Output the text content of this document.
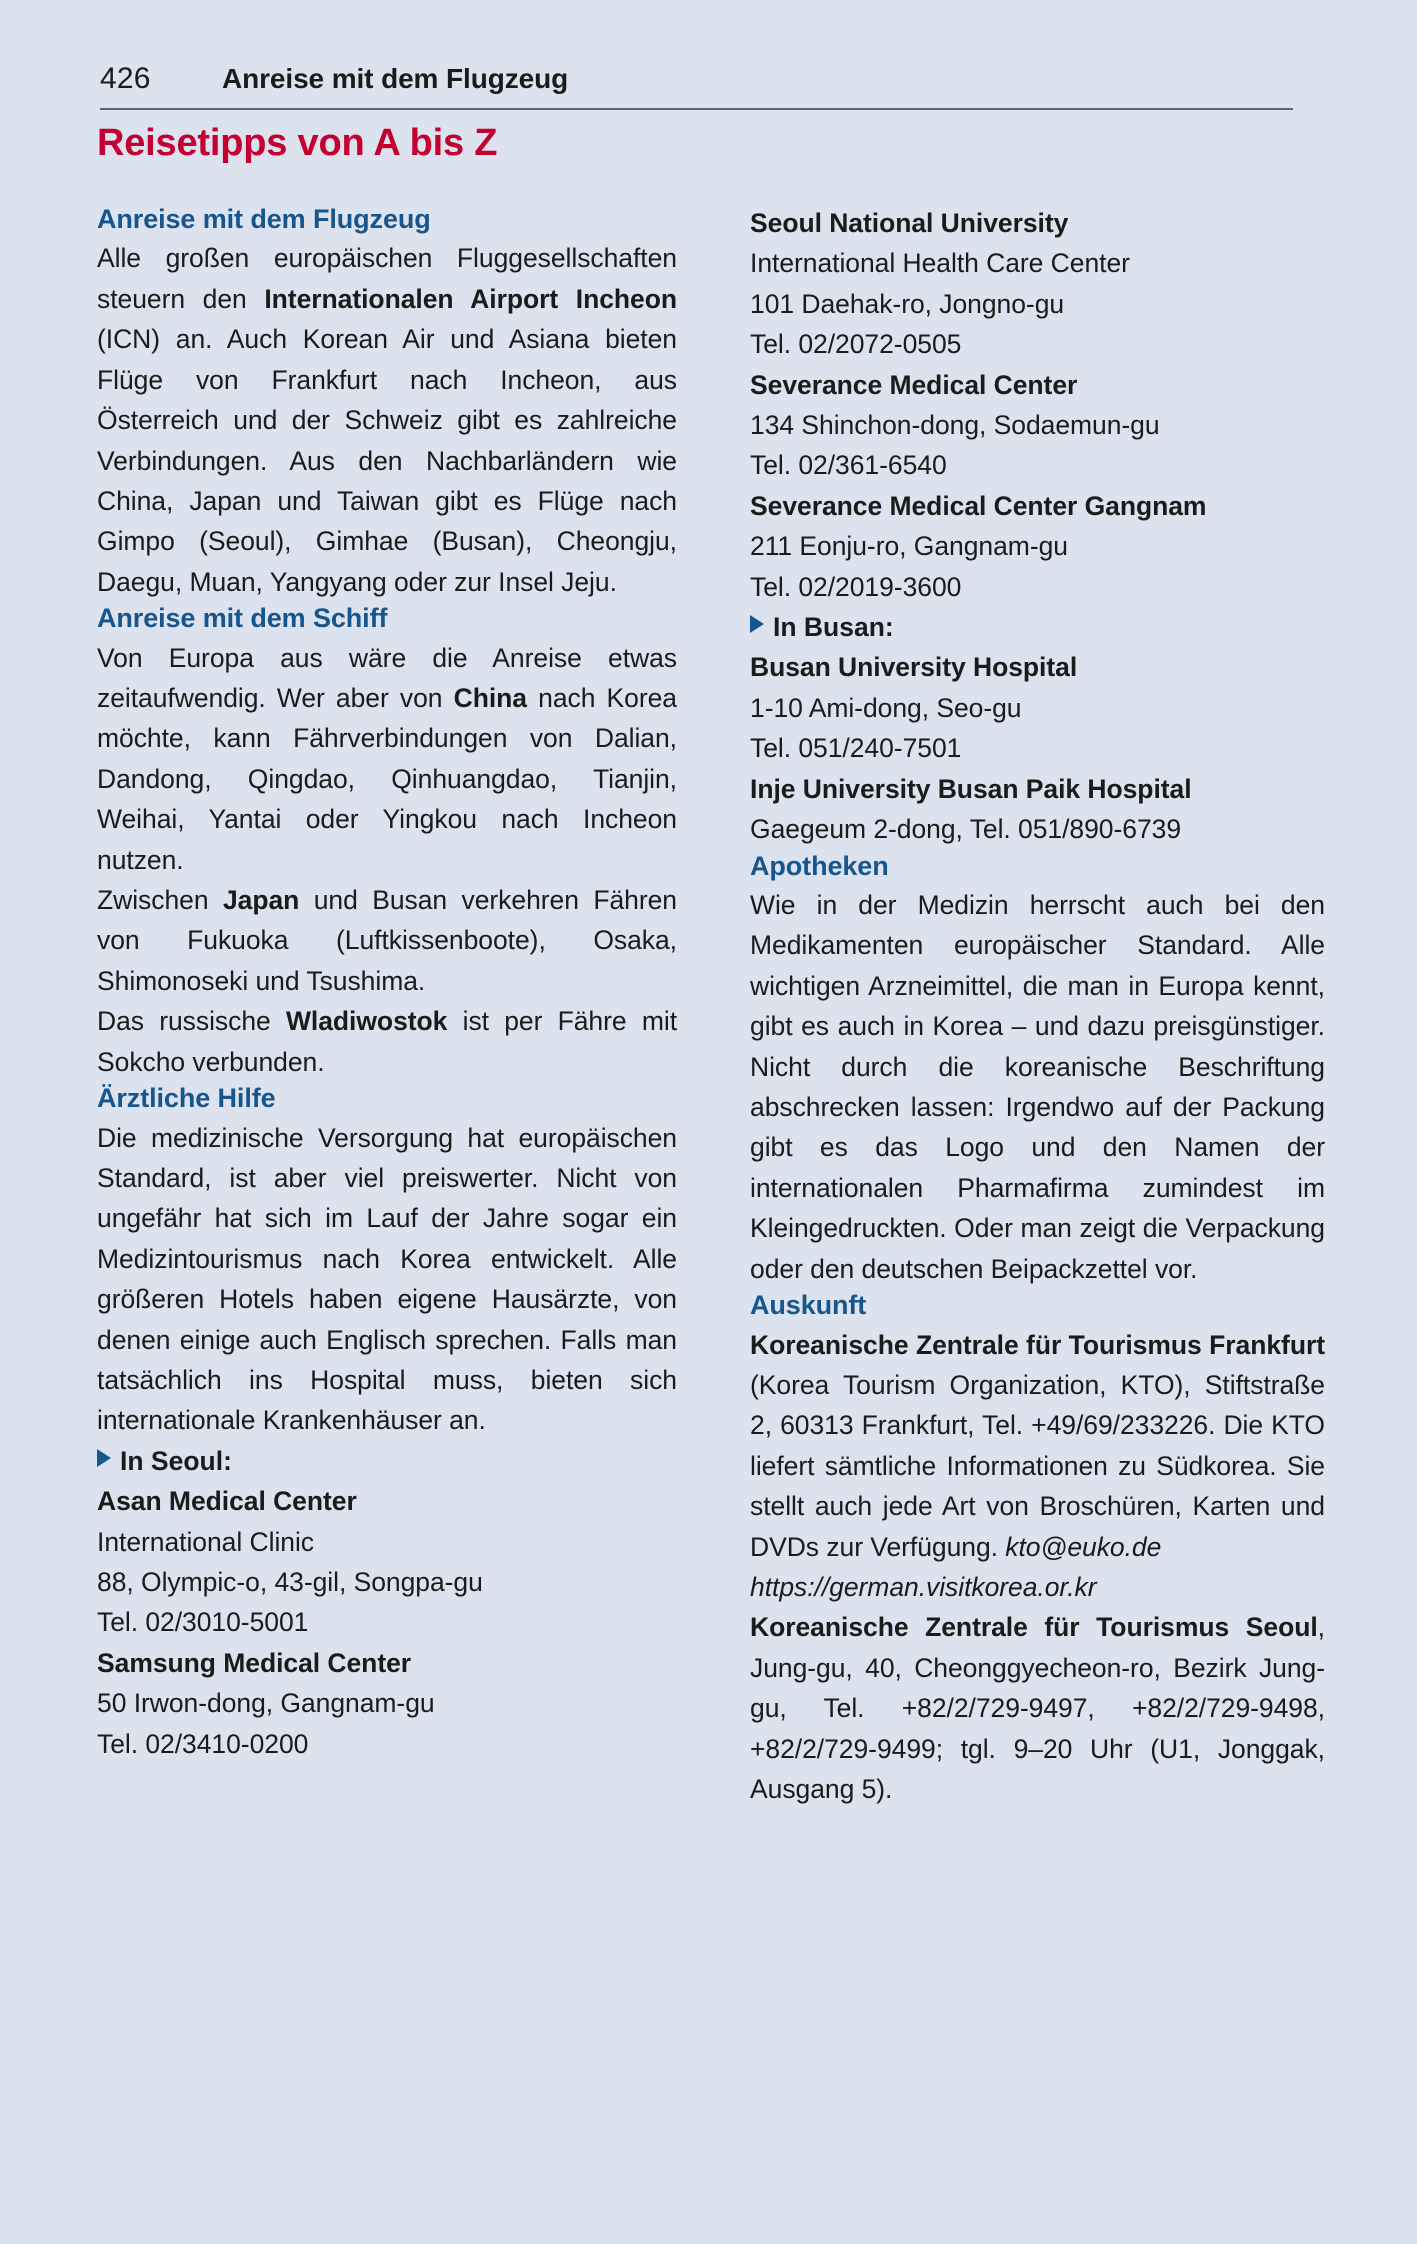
426	Anreise mit dem Flugzeug
Reisetipps von A bis Z
Anreise mit dem Flugzeug

Alle großen europäischen Fluggesellschaften steuern den Internationalen Airport Incheon (ICN) an. Auch Korean Air und Asiana bieten Flüge von Frankfurt nach Incheon, aus Österreich und der Schweiz gibt es zahlreiche Verbindungen. Aus den Nachbarländern wie China, Japan und Taiwan gibt es Flüge nach Gimpo (Seoul), Gimhae (Busan), Cheongju, Daegu, Muan, Yangyang oder zur Insel Jeju.

Anreise mit dem Schiff

Von Europa aus wäre die Anreise etwas zeitaufwendig. Wer aber von China nach Korea möchte, kann Fährverbindungen von Dalian, Dandong, Qingdao, Qinhuangdao, Tianjin, Weihai, Yantai oder Yingkou nach Incheon nutzen.

Zwischen Japan und Busan verkehren Fähren von Fukuoka (Luftkissenboote), Osaka, Shimonoseki und Tsushima.

Das russische Wladiwostok ist per Fähre mit Sokcho verbunden.

Ärztliche Hilfe

Die medizinische Versorgung hat europäischen Standard, ist aber viel preiswerter. Nicht von ungefähr hat sich im Lauf der Jahre sogar ein Medizintourismus nach Korea entwickelt. Alle größeren Hotels haben eigene Hausärzte, von denen einige auch Englisch sprechen. Falls man tatsächlich ins Hospital muss, bieten sich internationale Krankenhäuser an.

In Seoul:

Asan Medical Center

International Clinic

88, Olympic-o, 43-gil, Songpa-gu

Tel. 02/3010-5001

Samsung Medical Center

50 Irwon-dong, Gangnam-gu

Tel. 02/3410-0200

Seoul National University

International Health Care Center

101 Daehak-ro, Jongno-gu

Tel. 02/2072-0505

Severance Medical Center

134 Shinchon-dong, Sodaemun-gu

Tel. 02/361-6540

Severance Medical Center Gangnam

211 Eonju-ro, Gangnam-gu

Tel. 02/2019-3600

In Busan:

Busan University Hospital

1-10 Ami-dong, Seo-gu

Tel. 051/240-7501

Inje University Busan Paik Hospital

Gaegeum 2-dong, Tel. 051/890-6739

Apotheken

Wie in der Medizin herrscht auch bei den Medikamenten europäischer Standard. Alle wichtigen Arzneimittel, die man in Europa kennt, gibt es auch in Korea – und dazu preisgünstiger. Nicht durch die koreanische Beschriftung abschrecken lassen: Irgendwo auf der Packung gibt es das Logo und den Namen der internationalen Pharmafirma zumindest im Kleingedruckten. Oder man zeigt die Verpackung oder den deutschen Beipackzettel vor.

Auskunft

Koreanische Zentrale für Tourismus Frankfurt (Korea Tourism Organization, KTO), Stiftstraße 2, 60313 Frankfurt, Tel. +49/69/233226. Die KTO liefert sämtliche Informationen zu Südkorea. Sie stellt auch jede Art von Broschüren, Karten und DVDs zur Verfügung. kto@euko.de

https://german.visitkorea.or.kr

Koreanische Zentrale für Tourismus Seoul, Jung-gu, 40, Cheonggyecheon-ro, Bezirk Jung-gu, Tel. +82/2/729-9497, +82/2/729-9498, +82/2/729-9499; tgl. 9–20 Uhr (U1, Jonggak, Ausgang 5).
